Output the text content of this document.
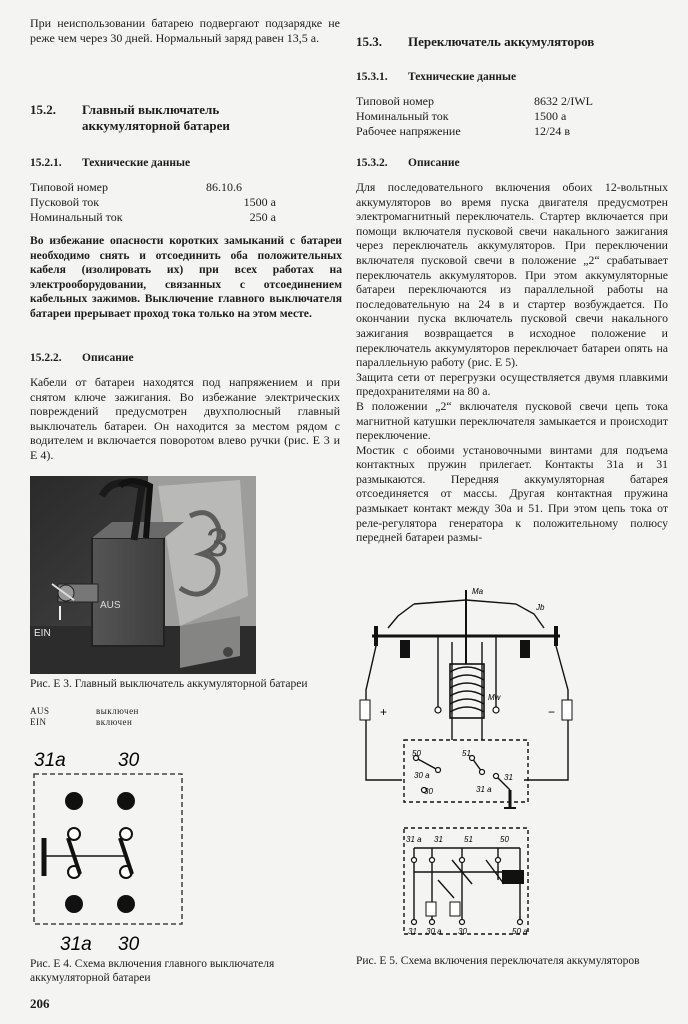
При неиспользовании батарею подвергают подзарядке не реже чем через 30 дней. Нормальный заряд равен 13,5 а.

15.2. Главный выключатель аккумуляторной батареи
15.2.1. Технические данные
Типовой номер	86.10.6
Пусковой ток	1500 а
Номинальный ток	250 а

Во избежание опасности коротких замыканий с батареи необходимо снять и отсоединить оба положительных кабеля (изолировать их) при всех работах на электрооборудовании, связанных с отсоединением кабельных зажимов. Выключение главного выключателя батареи прерывает проход тока только на этом месте.

15.2.2. Описание

Кабели от батареи находятся под напряжением и при снятом ключе зажигания. Во избежание электрических повреждений предусмотрен двухполюсный главный выключатель батареи. Он находится за местом рядом с водителем и включается поворотом влево ручки (рис. Е 3 и Е 4).

3
AUS
EIN
Рис. Е 3. Главный выключатель аккумуляторной батареи
AUS	выключен
EIN	включен
31a	30
31a 30
Рис. Е 4. Схема включения главного выключателя аккумуляторной батареи
206
15.3. Переключатель аккумуляторов
15.3.1. Технические данные
Типовой номер	8632 2/IWL
Номинальный ток	1500 а
Рабочее напряжение	12/24 в
15.3.2. Описание

Для последовательного включения обоих 12-вольтных аккумуляторов во время пуска двигателя предусмотрен электромагнитный переключатель. Стартер включается при помощи включателя пусковой свечи накального зажигания через переключатель аккумуляторов. При переключении включателя пусковой свечи в положение „2“ срабатывает переключатель аккумуляторов. При этом аккумуляторные батареи переключаются из параллельной работы на последовательную на 24 в и стартер возбуждается. По окончании пуска включатель пусковой свечи накального зажигания возвращается в исходное положение и переключатель аккумуляторов переключает батареи опять на параллельную работу (рис. Е 5).

Защита сети от перегрузки осуществляется двумя плавкими предохранителями на 80 а.

В положении „2“ включателя пусковой свечи цепь тока магнитной катушки переключателя замыкается и происходит переключение.

Мостик с обоими установочными винтами для подъема контактных пружин прилегает. Контакты 31а и 31 размыкаются. Передняя аккумуляторная батарея отсоединяется от массы. Другая контактная пружина размыкает контакт между 30а и 51. При этом цепь тока от реле-регулятора генератора к положительному полюсу передней батареи размы-

+	−
Ma
Jb
Mw
50	51
30 a
30	31 a
31
31 a 31	51	50
31 30 a 30	50 a
Рис. Е 5. Схема включения переключателя аккумуляторов
